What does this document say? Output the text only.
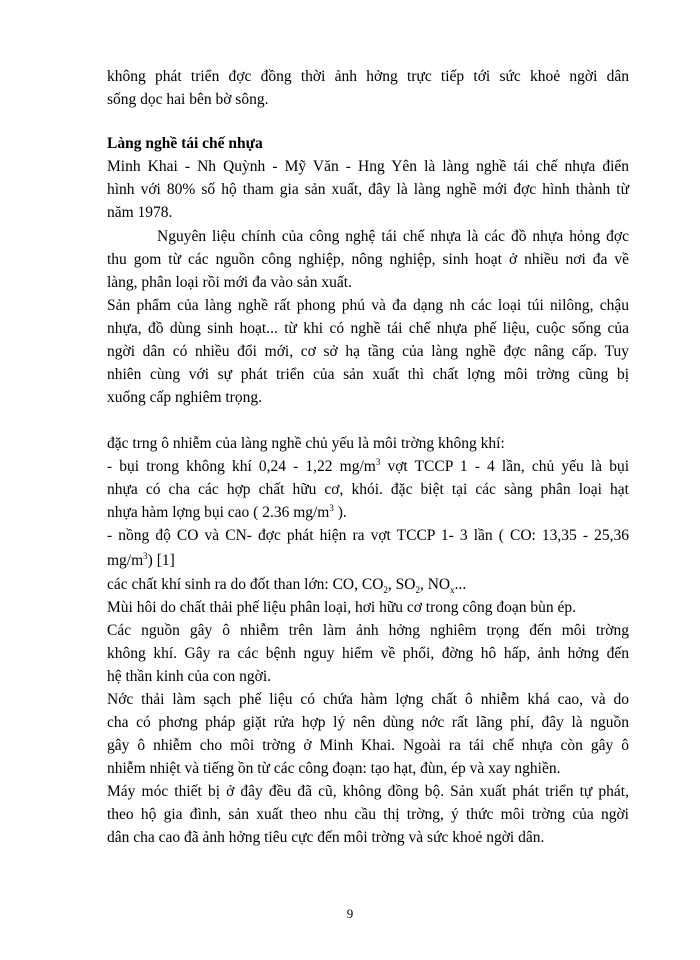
không phát triển đợc đồng thời ảnh hởng trực tiếp tới sức khoẻ ngời dân
sống dọc hai bên bờ sông.
Làng nghề tái chế nhựa
Minh Khai - Nh Quỳnh - Mỹ Văn - Hng Yên là làng nghề tái chế nhựa điển
hình với 80% số hộ tham gia sản xuất, đây là làng nghề mới đợc hình thành từ
năm 1978.
Nguyên liệu chính của công nghệ tái chế nhựa là các đồ nhựa hỏng đợc
thu gom từ các nguồn công nghiệp, nông nghiệp, sinh hoạt ở nhiều nơi đa về
làng, phân loại rồi mới đa vào sản xuất.
Sản phẩm của làng nghề rất phong phú và đa dạng nh các loại túi nilông, chậu
nhựa, đồ dùng sinh hoạt... từ khi có nghề tái chế nhựa phế liệu, cuộc sống của
ngời dân có nhiều đổi mới, cơ sở hạ tầng của làng nghề đợc nâng cấp. Tuy
nhiên cùng với sự phát triển của sản xuất thì chất lợng môi trờng cũng bị
xuống cấp nghiêm trọng.
đặc trng ô nhiễm của làng nghề chủ yếu là môi trờng không khí:
- bụi trong không khí 0,24 - 1,22 $mg/m^3$ vợt TCCP 1 - 4 lần, chủ yếu là bụi
nhựa có cha các hợp chất hữu cơ, khói. đặc biệt tại các sàng phân loại hạt
nhựa hàm lợng bụi cao ( 2.36 $mg/m^3$ ).
- nồng độ CO và CN- đợc phát hiện ra vợt TCCP 1- 3 lần ( CO: 13,35 - 25,36
$mg/m^3$) [1]
các chất khí sinh ra do đốt than lớn: CO, $CO_2$, $SO_2$, $NO_x$...
Mùi hôi do chất thải phế liệu phân loại, hơi hữu cơ trong công đoạn bùn ép.
Các nguồn gây ô nhiễm trên làm ảnh hởng nghiêm trọng đến môi trờng
không khí. Gây ra các bệnh nguy hiểm về phổi, đờng hô hấp, ảnh hởng đến
hệ thần kinh của con ngời.
Nớc thải làm sạch phế liệu có chứa hàm lợng chất ô nhiễm khá cao, và do
cha có phơng pháp giặt rửa hợp lý nên dùng nớc rất lãng phí, đây là nguồn
gây ô nhiễm cho môi trờng ở Minh Khai. Ngoài ra tái chế nhựa còn gây ô
nhiễm nhiệt và tiếng ồn từ các công đoạn: tạo hạt, đùn, ép và xay nghiền.
Máy móc thiết bị ở đây đều đã cũ, không đồng bộ. Sản xuất phát triển tự phát,
theo hộ gia đình, sản xuất theo nhu cầu thị trờng, ý thức môi trờng của ngời
dân cha cao đã ảnh hởng tiêu cực đến môi trờng và sức khoẻ ngời dân.
9
